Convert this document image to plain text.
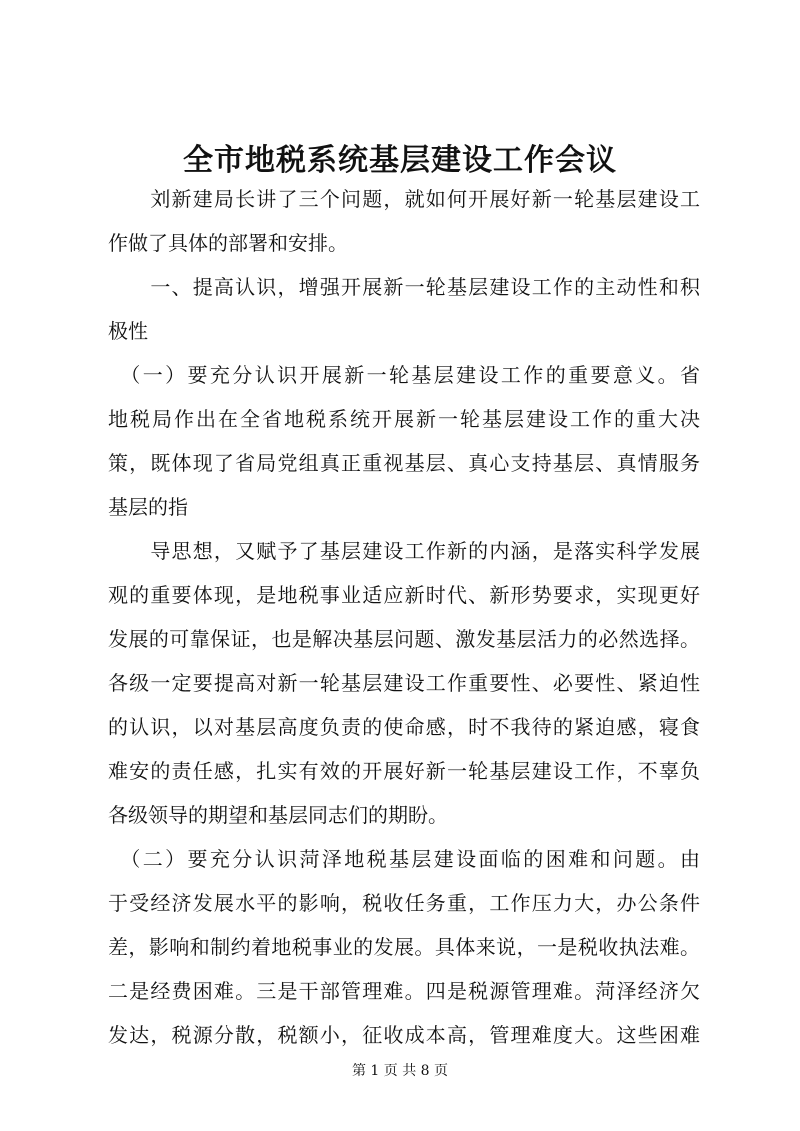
全市地税系统基层建设工作会议
　　刘新建局长讲了三个问题，就如何开展好新一轮基层建设工
作做了具体的部署和安排。
　　一、提高认识，增强开展新一轮基层建设工作的主动性和积
极性
　（一）要充分认识开展新一轮基层建设工作的重要意义。省
地税局作出在全省地税系统开展新一轮基层建设工作的重大决
策，既体现了省局党组真正重视基层、真心支持基层、真情服务
基层的指
　　导思想，又赋予了基层建设工作新的内涵，是落实科学发展
观的重要体现，是地税事业适应新时代、新形势要求，实现更好
发展的可靠保证，也是解决基层问题、激发基层活力的必然选择。
各级一定要提高对新一轮基层建设工作重要性、必要性、紧迫性
的认识，以对基层高度负责的使命感，时不我待的紧迫感，寝食
难安的责任感，扎实有效的开展好新一轮基层建设工作，不辜负
各级领导的期望和基层同志们的期盼。
　（二）要充分认识菏泽地税基层建设面临的困难和问题。由
于受经济发展水平的影响，税收任务重，工作压力大，办公条件
差，影响和制约着地税事业的发展。具体来说，一是税收执法难。
二是经费困难。三是干部管理难。四是税源管理难。菏泽经济欠
发达，税源分散，税额小，征收成本高，管理难度大。这些困难
第 1 页 共 8 页
